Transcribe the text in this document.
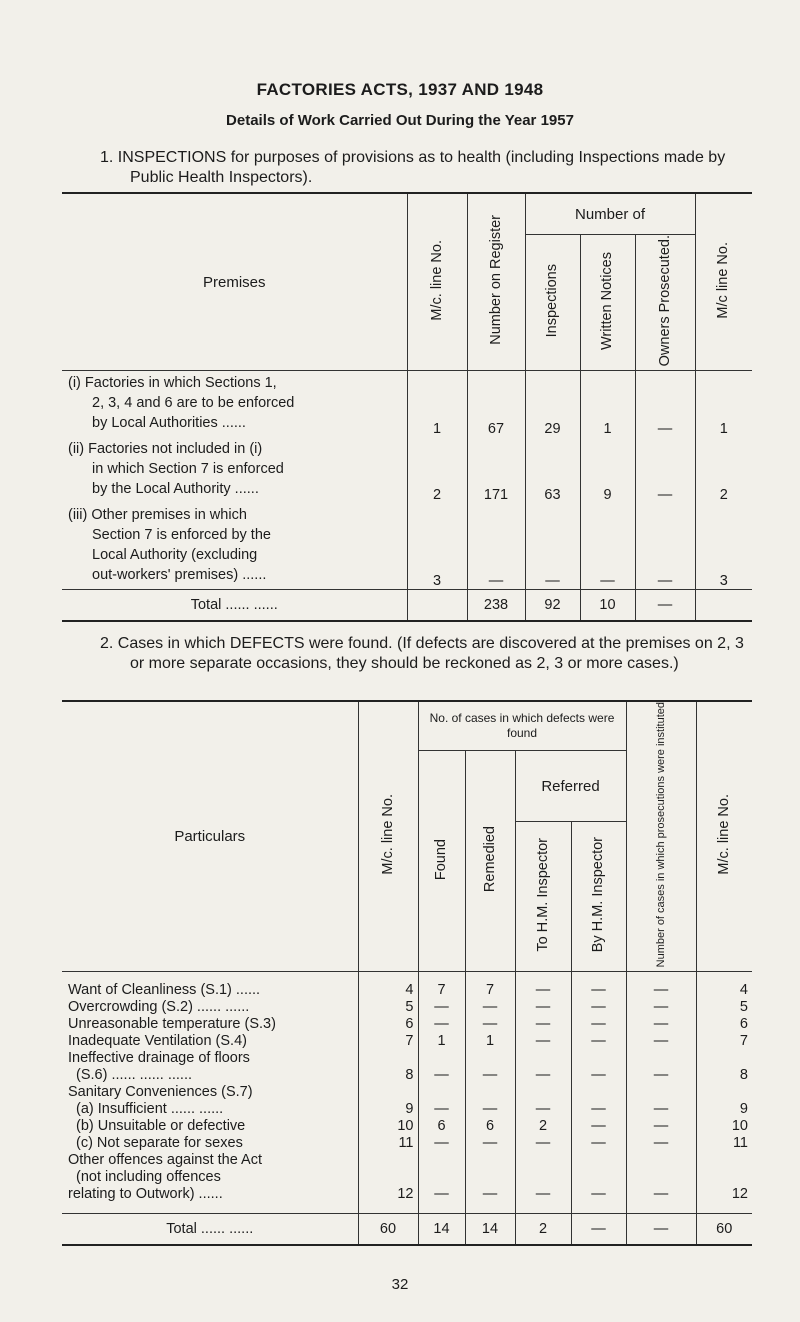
FACTORIES ACTS, 1937 AND 1948
Details of Work Carried Out During the Year 1957
1. INSPECTIONS for purposes of provisions as to health (including Inspections made by Public Health Inspectors).
Premises	M/c. line No.	Number on Register	Number of			M/c line No.
			Inspections	Written Notices	Owners Prosecuted.	

(i) Factories in which Sections 1,
2, 3, 4 and 6 are to be enforced
by Local Authorities ......	1	67	29	1	—	1

(ii) Factories not included in (i)
in which Section 7 is enforced
by the Local Authority ......	2	171	63	9	—	2

(iii) Other premises in which
Section 7 is enforced by the
Local Authority (excluding
out-workers' premises) ......	3	—	—	—	—	3
Total ...... ......		238	92	10	—	
2. Cases in which DEFECTS were found. (If defects are discovered at the premises on 2, 3 or more separate occasions, they should be reckoned as 2, 3 or more cases.)
Particulars	M/c. line No.	No. of cases in which defects were found				Number of cases in which prosecutions were instituted	M/c. line No.
		Found	Remedied	Referred			
				To H.M. Inspector	By H.M. Inspector		

Want of Cleanliness (S.1) ......	4	7	7	—	—	—	4
Overcrowding (S.2) ...... ......	5	—	—	—	—	—	5
Unreasonable temperature (S.3)	6	—	—	—	—	—	6
Inadequate Ventilation (S.4)	7	1	1	—	—	—	7
Ineffective drainage of floors							
(S.6) ...... ...... ......	8	—	—	—	—	—	8
Sanitary Conveniences (S.7)							
(a) Insufficient ...... ......	9	—	—	—	—	—	9
(b) Unsuitable or defective	10	6	6	2	—	—	10
(c) Not separate for sexes	11	—	—	—	—	—	11
Other offences against the Act							
(not including offences							
relating to Outwork) ......	12	—	—	—	—	—	12

Total ...... ......	60	14	14	2	—	—	60
32
